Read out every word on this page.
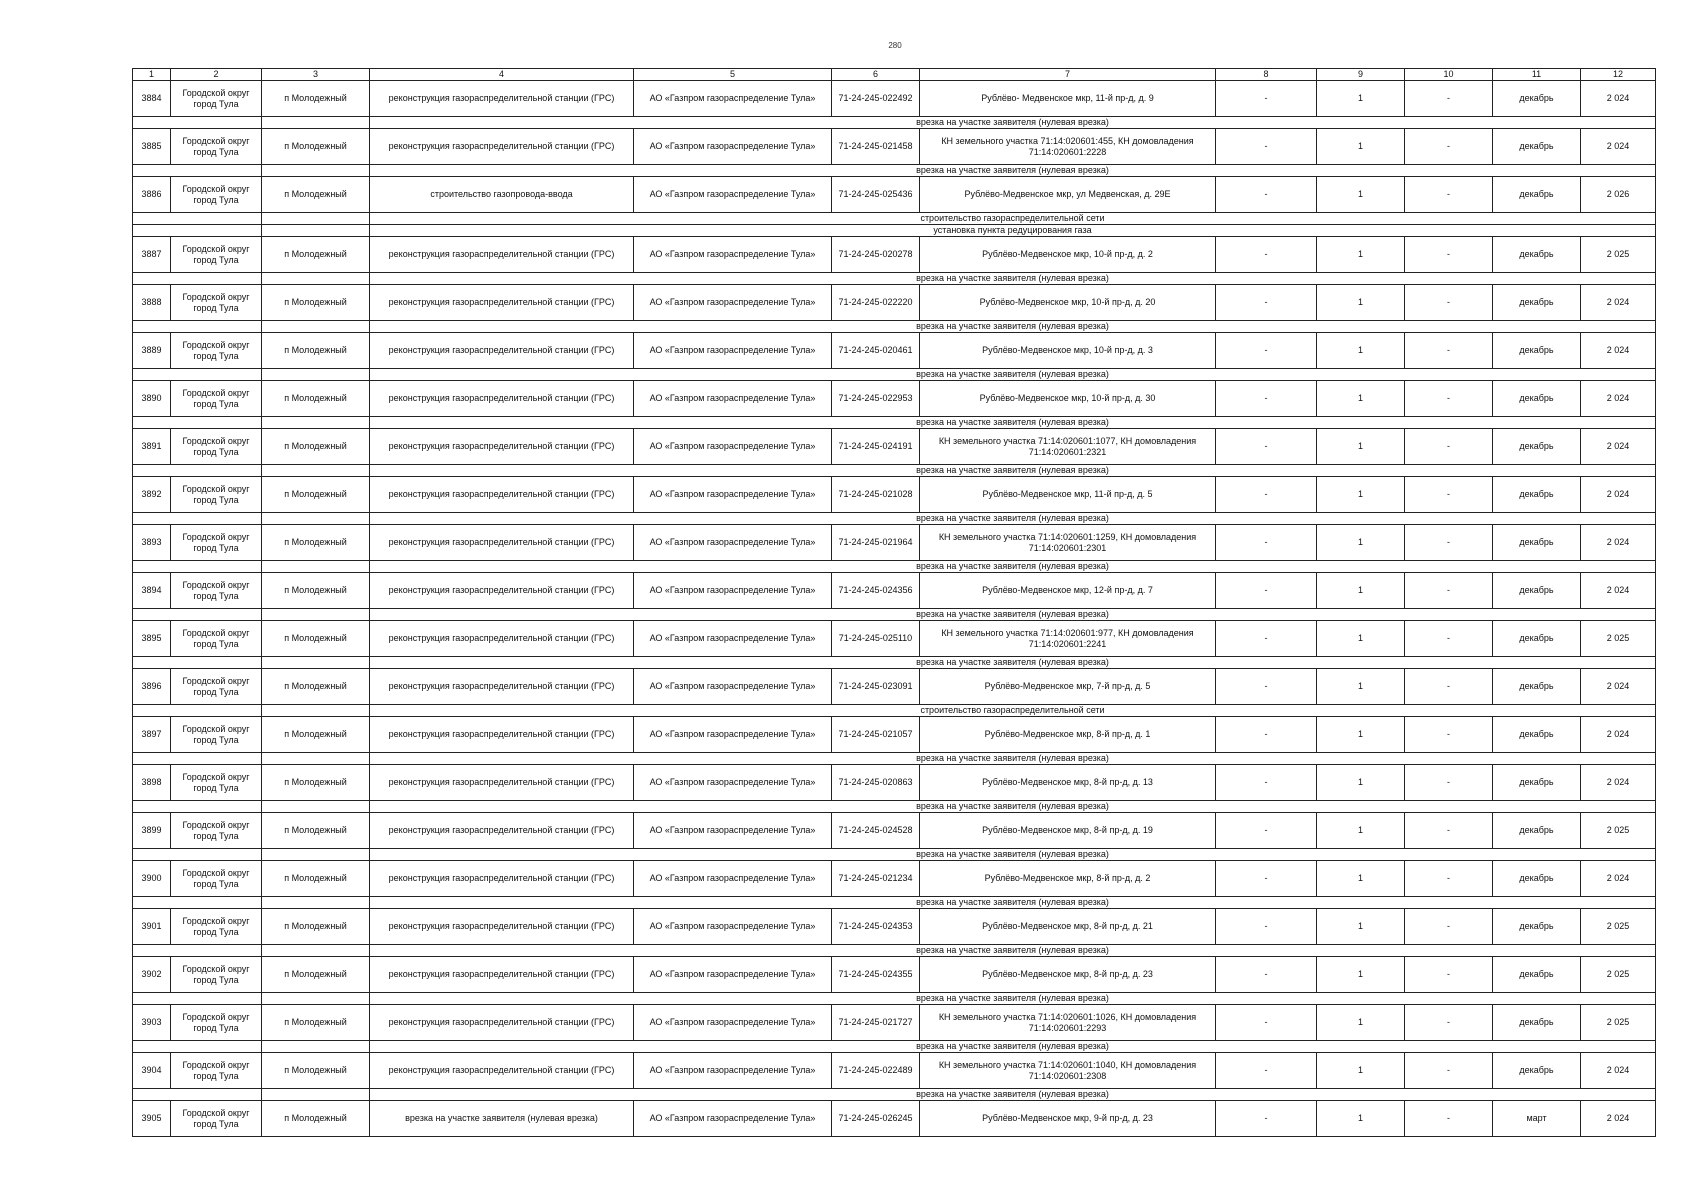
280
1	2	3	4	5	6	7	8	9	10	11	12
3884	Городской округ город Тула	п Молодежный	реконструкция газораспределительной станции (ГРС)	АО «Газпром газораспределение Тула»	71-24-245-022492	Рублёво- Медвенское мкр, 11-й пр-д, д. 9	-	1	-	декабрь	2 024
			врезка на участке заявителя (нулевая врезка)								
3885	Городской округ город Тула	п Молодежный	реконструкция газораспределительной станции (ГРС)	АО «Газпром газораспределение Тула»	71-24-245-021458	КН земельного участка 71:14:020601:455, КН домовладения 71:14:020601:2228	-	1	-	декабрь	2 024
			врезка на участке заявителя (нулевая врезка)								
3886	Городской округ город Тула	п Молодежный	строительство газопровода-ввода	АО «Газпром газораспределение Тула»	71-24-245-025436	Рублёво-Медвенское мкр, ул Медвенская, д. 29Е	-	1	-	декабрь	2 026
			строительство газораспределительной сети								
			установка пункта редуцирования газа								
3887	Городской округ город Тула	п Молодежный	реконструкция газораспределительной станции (ГРС)	АО «Газпром газораспределение Тула»	71-24-245-020278	Рублёво-Медвенское мкр, 10-й пр-д, д. 2	-	1	-	декабрь	2 025
			врезка на участке заявителя (нулевая врезка)								
3888	Городской округ город Тула	п Молодежный	реконструкция газораспределительной станции (ГРС)	АО «Газпром газораспределение Тула»	71-24-245-022220	Рублёво-Медвенское мкр, 10-й пр-д, д. 20	-	1	-	декабрь	2 024
			врезка на участке заявителя (нулевая врезка)								
3889	Городской округ город Тула	п Молодежный	реконструкция газораспределительной станции (ГРС)	АО «Газпром газораспределение Тула»	71-24-245-020461	Рублёво-Медвенское мкр, 10-й пр-д, д. 3	-	1	-	декабрь	2 024
			врезка на участке заявителя (нулевая врезка)								
3890	Городской округ город Тула	п Молодежный	реконструкция газораспределительной станции (ГРС)	АО «Газпром газораспределение Тула»	71-24-245-022953	Рублёво-Медвенское мкр, 10-й пр-д, д. 30	-	1	-	декабрь	2 024
			врезка на участке заявителя (нулевая врезка)								
3891	Городской округ город Тула	п Молодежный	реконструкция газораспределительной станции (ГРС)	АО «Газпром газораспределение Тула»	71-24-245-024191	КН земельного участка 71:14:020601:1077, КН домовладения 71:14:020601:2321	-	1	-	декабрь	2 024
			врезка на участке заявителя (нулевая врезка)								
3892	Городской округ город Тула	п Молодежный	реконструкция газораспределительной станции (ГРС)	АО «Газпром газораспределение Тула»	71-24-245-021028	Рублёво-Медвенское мкр, 11-й пр-д, д. 5	-	1	-	декабрь	2 024
			врезка на участке заявителя (нулевая врезка)								
3893	Городской округ город Тула	п Молодежный	реконструкция газораспределительной станции (ГРС)	АО «Газпром газораспределение Тула»	71-24-245-021964	КН земельного участка 71:14:020601:1259, КН домовладения 71:14:020601:2301	-	1	-	декабрь	2 024
			врезка на участке заявителя (нулевая врезка)								
3894	Городской округ город Тула	п Молодежный	реконструкция газораспределительной станции (ГРС)	АО «Газпром газораспределение Тула»	71-24-245-024356	Рублёво-Медвенское мкр, 12-й пр-д, д. 7	-	1	-	декабрь	2 024
			врезка на участке заявителя (нулевая врезка)								
3895	Городской округ город Тула	п Молодежный	реконструкция газораспределительной станции (ГРС)	АО «Газпром газораспределение Тула»	71-24-245-025110	КН земельного участка 71:14:020601:977, КН домовладения 71:14:020601:2241	-	1	-	декабрь	2 025
			врезка на участке заявителя (нулевая врезка)								
3896	Городской округ город Тула	п Молодежный	реконструкция газораспределительной станции (ГРС)	АО «Газпром газораспределение Тула»	71-24-245-023091	Рублёво-Медвенское мкр, 7-й пр-д, д. 5	-	1	-	декабрь	2 024
			строительство газораспределительной сети								
3897	Городской округ город Тула	п Молодежный	реконструкция газораспределительной станции (ГРС)	АО «Газпром газораспределение Тула»	71-24-245-021057	Рублёво-Медвенское мкр, 8-й пр-д, д. 1	-	1	-	декабрь	2 024
			врезка на участке заявителя (нулевая врезка)								
3898	Городской округ город Тула	п Молодежный	реконструкция газораспределительной станции (ГРС)	АО «Газпром газораспределение Тула»	71-24-245-020863	Рублёво-Медвенское мкр, 8-й пр-д, д. 13	-	1	-	декабрь	2 024
			врезка на участке заявителя (нулевая врезка)								
3899	Городской округ город Тула	п Молодежный	реконструкция газораспределительной станции (ГРС)	АО «Газпром газораспределение Тула»	71-24-245-024528	Рублёво-Медвенское мкр, 8-й пр-д, д. 19	-	1	-	декабрь	2 025
			врезка на участке заявителя (нулевая врезка)								
3900	Городской округ город Тула	п Молодежный	реконструкция газораспределительной станции (ГРС)	АО «Газпром газораспределение Тула»	71-24-245-021234	Рублёво-Медвенское мкр, 8-й пр-д, д. 2	-	1	-	декабрь	2 024
			врезка на участке заявителя (нулевая врезка)								
3901	Городской округ город Тула	п Молодежный	реконструкция газораспределительной станции (ГРС)	АО «Газпром газораспределение Тула»	71-24-245-024353	Рублёво-Медвенское мкр, 8-й пр-д, д. 21	-	1	-	декабрь	2 025
			врезка на участке заявителя (нулевая врезка)								
3902	Городской округ город Тула	п Молодежный	реконструкция газораспределительной станции (ГРС)	АО «Газпром газораспределение Тула»	71-24-245-024355	Рублёво-Медвенское мкр, 8-й пр-д, д. 23	-	1	-	декабрь	2 025
			врезка на участке заявителя (нулевая врезка)								
3903	Городской округ город Тула	п Молодежный	реконструкция газораспределительной станции (ГРС)	АО «Газпром газораспределение Тула»	71-24-245-021727	КН земельного участка 71:14:020601:1026, КН домовладения 71:14:020601:2293	-	1	-	декабрь	2 025
			врезка на участке заявителя (нулевая врезка)								
3904	Городской округ город Тула	п Молодежный	реконструкция газораспределительной станции (ГРС)	АО «Газпром газораспределение Тула»	71-24-245-022489	КН земельного участка 71:14:020601:1040, КН домовладения 71:14:020601:2308	-	1	-	декабрь	2 024
			врезка на участке заявителя (нулевая врезка)								
3905	Городской округ город Тула	п Молодежный	врезка на участке заявителя (нулевая врезка)	АО «Газпром газораспределение Тула»	71-24-245-026245	Рублёво-Медвенское мкр, 9-й пр-д, д. 23	-	1	-	март	2 024
